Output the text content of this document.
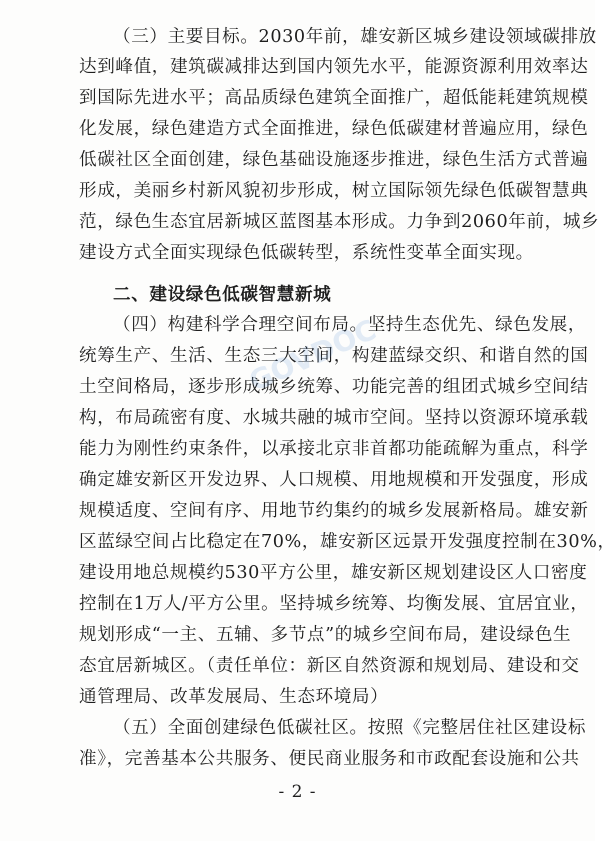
（三）主要目标。2030年前，雄安新区城乡建设领域碳排放
达到峰值，建筑碳减排达到国内领先水平，能源资源利用效率达
到国际先进水平；高品质绿色建筑全面推广，超低能耗建筑规模
化发展，绿色建造方式全面推进，绿色低碳建材普遍应用，绿色
低碳社区全面创建，绿色基础设施逐步推进，绿色生活方式普遍
形成，美丽乡村新风貌初步形成，树立国际领先绿色低碳智慧典
范，绿色生态宜居新城区蓝图基本形成。力争到2060年前，城乡
建设方式全面实现绿色低碳转型，系统性变革全面实现。
二、建设绿色低碳智慧新城
（四）构建科学合理空间布局。坚持生态优先、绿色发展，
统筹生产、生活、生态三大空间，构建蓝绿交织、和谐自然的国
土空间格局，逐步形成城乡统筹、功能完善的组团式城乡空间结
构，布局疏密有度、水城共融的城市空间。坚持以资源环境承载
能力为刚性约束条件，以承接北京非首都功能疏解为重点，科学
确定雄安新区开发边界、人口规模、用地规模和开发强度，形成
规模适度、空间有序、用地节约集约的城乡发展新格局。雄安新
区蓝绿空间占比稳定在70%，雄安新区远景开发强度控制在30%，
建设用地总规模约530平方公里，雄安新区规划建设区人口密度
控制在1万人/平方公里。坚持城乡统筹、均衡发展、宜居宜业，
规划形成“一主、五辅、多节点”的城乡空间布局，建设绿色生
态宜居新城区。（责任单位：新区自然资源和规划局、建设和交
通管理局、改革发展局、生态环境局）
（五）全面创建绿色低碳社区。按照《完整居住社区建设标
准》，完善基本公共服务、便民商业服务和市政配套设施和公共
- 2 -
GOVDOC
